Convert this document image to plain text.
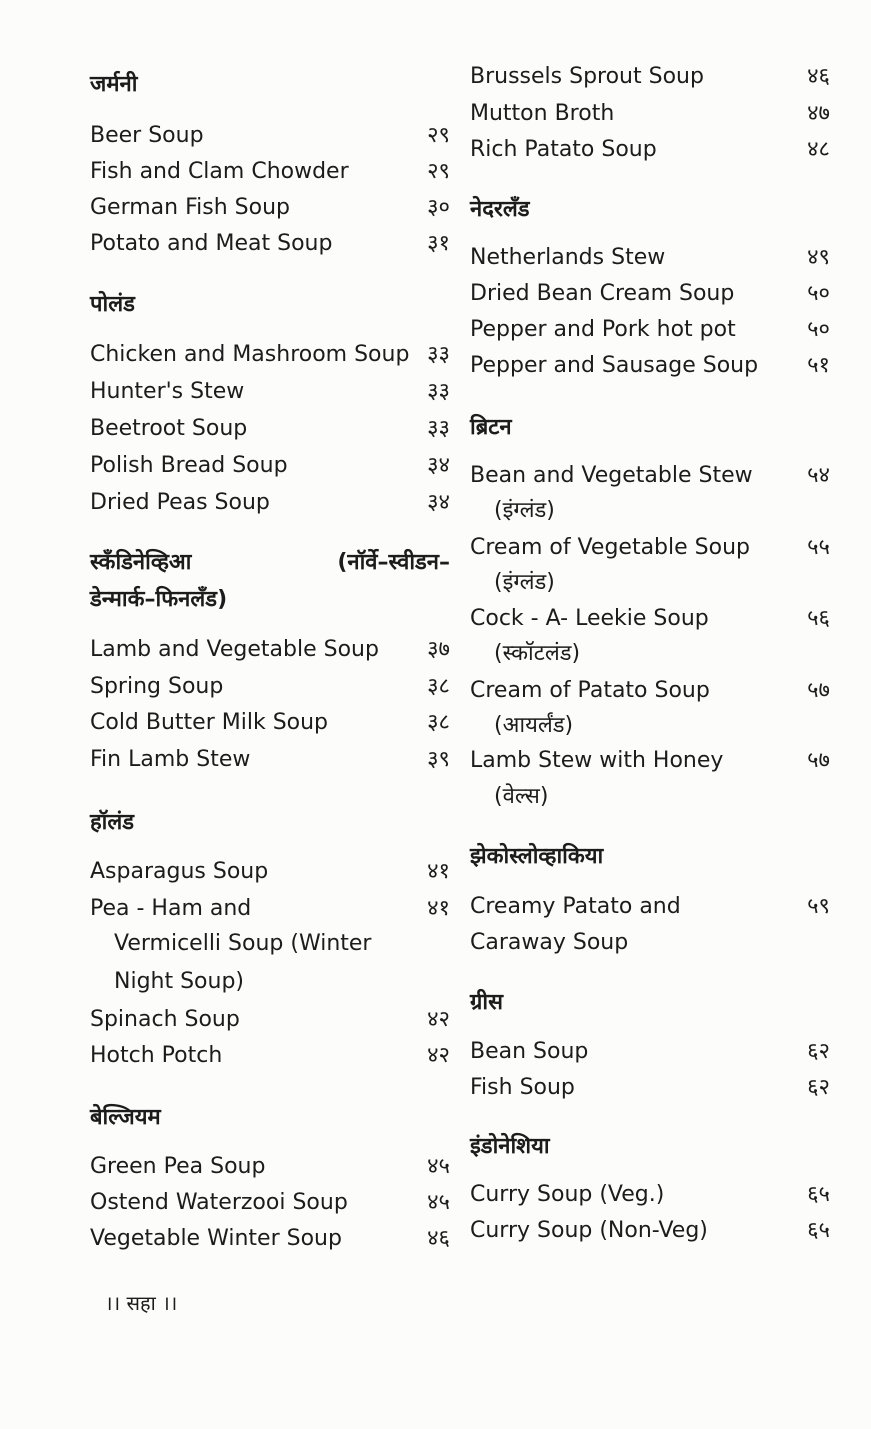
जर्मनी
Beer Soup	२९
Fish and Clam Chowder	२९
German Fish Soup	३०
Potato and Meat Soup	३१
पोलंड
Chicken and Mashroom Soup ३३
Hunter's Stew	३३
Beetroot Soup	३३
Polish Bread Soup	३४
Dried Peas Soup	३४
स्कँडिनेव्हिआ	(नॉर्वे–स्वीडन–
डेन्मार्क–फिनलँड)
Lamb and Vegetable Soup ३७
Spring Soup	३८
Cold Butter Milk Soup	३८
Fin Lamb Stew	३९
हॉलंड
Asparagus Soup	४१
Pea - Ham and	४१
Vermicelli Soup (Winter
Night Soup)
Spinach Soup	४२
Hotch Potch	४२
बेल्जियम
Green Pea Soup	४५
Ostend Waterzooi Soup	४५
Vegetable Winter Soup	४६
Brussels Sprout Soup	४६
Mutton Broth	४७
Rich Patato Soup	४८
नेदरलँड
Netherlands Stew	४९
Dried Bean Cream Soup	५०
Pepper and Pork hot pot	५०
Pepper and Sausage Soup ५१
ब्रिटन
Bean and Vegetable Stew ५४
(इंग्लंड)
Cream of Vegetable Soup	५५
(इंग्लंड)
Cock - A- Leekie Soup	५६
(स्कॉटलंड)
Cream of Patato Soup	५७
(आयर्लंड)
Lamb Stew with Honey	५७
(वेल्स)
झेकोस्लोव्हाकिया
Creamy Patato and	५९
Caraway Soup
ग्रीस
Bean Soup	६२
Fish Soup	६२
इंडोनेशिया
Curry Soup (Veg.)	६५
Curry Soup (Non-Veg)	६५
।। सहा ।।
